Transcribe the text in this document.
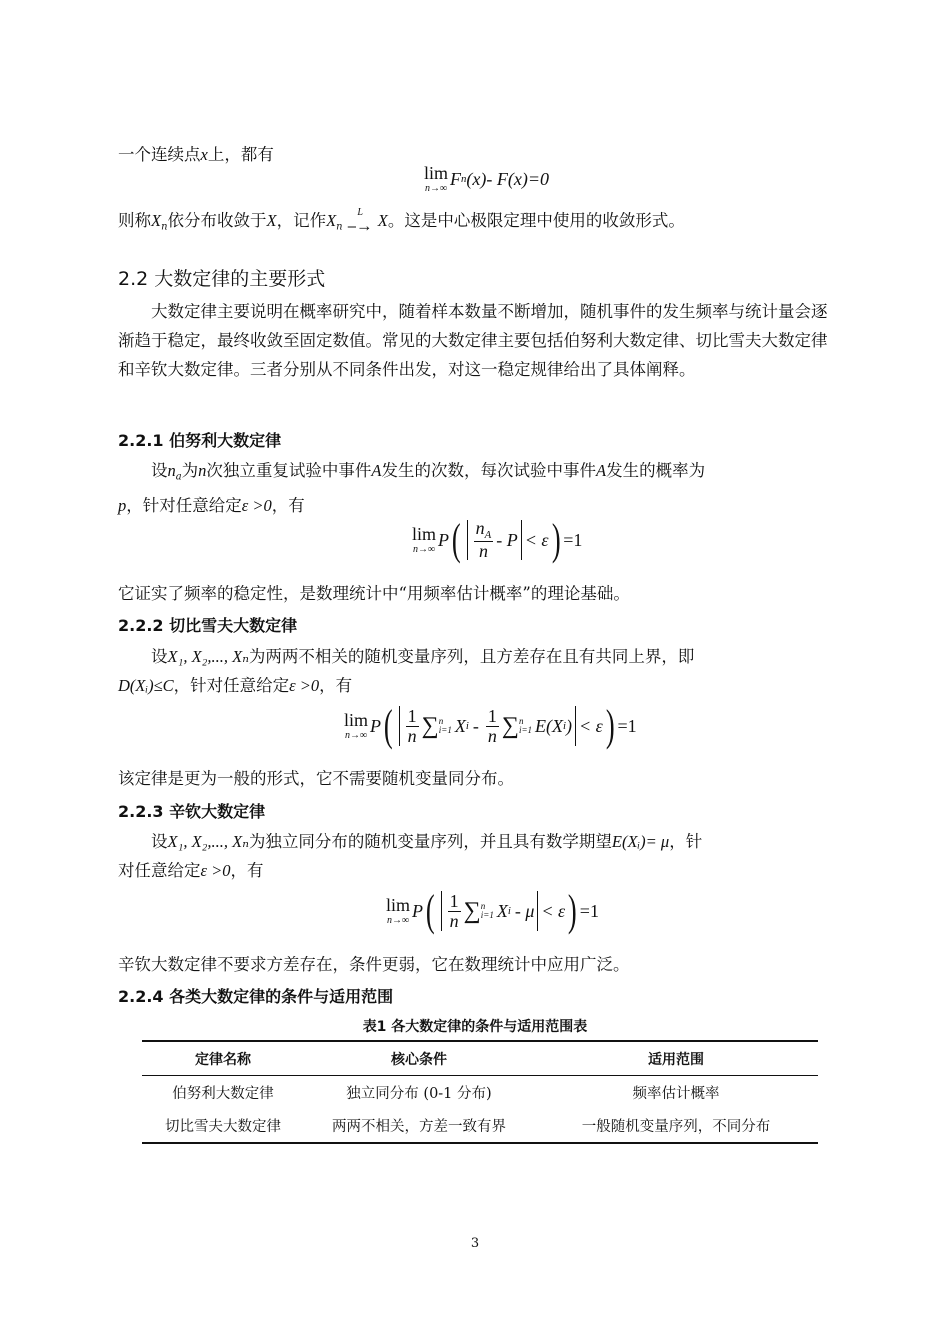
一个连续点x上，都有
lim
n→∞ F n (x)- F(x)=0
则称$X_n$依分布收敛于X，记作$X_n$
L
⎯→ X。这是中心极限定理中使用的收敛形式。
2.2 大数定律的主要形式

大数定律主要说明在概率研究中，随着样本数量不断增加，随机事件的发生频率与统计量会逐渐趋于稳定，最终收敛至固定数值。常见的大数定律主要包括伯努利大数定律、切比雪夫大数定律和辛钦大数定律。三者分别从不同条件出发，对这一稳定规律给出了具体阐释。

2.2.1 伯努利大数定律

设$n_a$为n次独立重复试验中事件A发生的次数，每次试验中事件A发生的概率为

p，针对任意给定ε >0，有

lim
n→∞ P ( $\frac{n_A}{n} - P < \varepsilon$ ) =1
它证实了频率的稳定性，是数理统计中“用频率估计概率”的理论基础。
2.2.2 切比雪夫大数定律

设X₁, X₂,..., Xₙ为两两不相关的随机变量序列，且方差存在且有共同上界，即

D(Xᵢ)≤C，针对任意给定ε >0，有

lim
n→∞ P ( $\frac{1}{n}$ ∑ n
i=1 X i - $\frac{1}{n}$ ∑ n
i=1 E(X i ) < ε ) =1
该定律是更为一般的形式，它不需要随机变量同分布。
2.2.3 辛钦大数定律

设X₁, X₂,..., Xₙ为独立同分布的随机变量序列，并且具有数学期望E(Xᵢ)= μ，针

对任意给定ε >0，有

lim
n→∞ P ( $\frac{1}{n}$ ∑ n
i=1 X i - μ < ε ) =1
辛钦大数定律不要求方差存在，条件更弱，它在数理统计中应用广泛。
2.2.4 各类大数定律的条件与适用范围
表1 各大数定律的条件与适用范围表
定律名称	核心条件	适用范围
伯努利大数定律	独立同分布 (0-1 分布)	频率估计概率
切比雪夫大数定律	两两不相关，方差一致有界	一般随机变量序列，不同分布
3
